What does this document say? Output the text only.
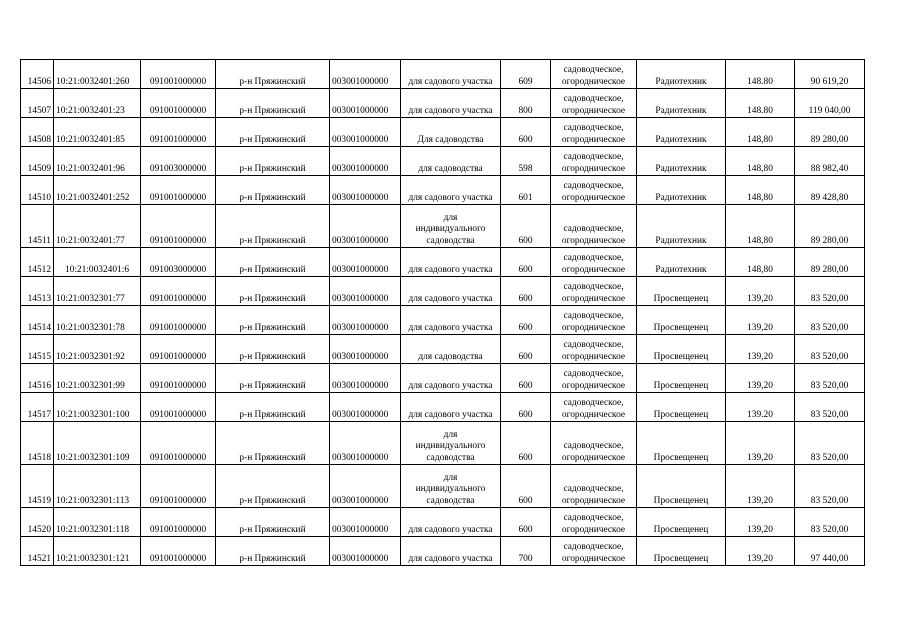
14506	10:21:0032401:260	091001000000	р-н Пряжинский	003001000000	для садового участка	609	садоводческое,
огородническое	Радиотехник	148.80	90 619,20
14507	10:21:0032401:23	091001000000	р-н Пряжинский	003001000000	для садового участка	800	садоводческое,
огородническое	Радиотехник	148.80	119 040,00
14508	10:21:0032401:85	091001000000	р-н Пряжинский	003001000000	Для садоводства	600	садоводческое,
огородническое	Радиотехник	148,80	89 280,00
14509	10:21:0032401:96	091003000000	р-н Пряжинский	003001000000	для садоводства	598	садоводческое,
огородническое	Радиотехник	148,80	88 982,40
14510	10:21:0032401:252	091001000000	р-н Пряжинский	003001000000	для садового участка	601	садоводческое,
огородническое	Радиотехник	148,80	89 428,80
14511	10:21:0032401:77	091001000000	р-н Пряжинский	003001000000	для
индивидуального
садоводства	600	садоводческое,
огородническое	Радиотехник	148,80	89 280,00
14512	10:21:0032401:6	091003000000	р-н Пряжинский	003001000000	для садового участка	600	садоводческое,
огородническое	Радиотехник	148,80	89 280,00
14513	10:21:0032301:77	091001000000	р-н Пряжинский	003001000000	для садового участка	600	садоводческое,
огородническое	Просвещенец	139,20	83 520,00
14514	10:21:0032301:78	091001000000	р-н Пряжинский	003001000000	для садового участка	600	садоводческое,
огородническое	Просвещенец	139,20	83 520,00
14515	10:21:0032301:92	091001000000	р-н Пряжинский	003001000000	для садоводства	600	садоводческое,
огородническое	Просвещенец	139,20	83 520,00
14516	10:21:0032301:99	091001000000	р-н Пряжинский	003001000000	для садового участка	600	садоводческое,
огородническое	Просвещенец	139,20	83 520,00
14517	10:21:0032301:100	091001000000	р-н Пряжинский	003001000000	для садового участка	600	садоводческое,
огородническое	Просвещенец	139.20	83 520,00
14518	10:21:0032301:109	091001000000	р-н Пряжинский	003001000000	для
индивидуального
садоводства	600	садоводческое,
огородническое	Просвещенец	139,20	83 520,00
14519	10:21:0032301:113	091001000000	р-н Пряжинский	003001000000	для
индивидуального
садоводства	600	садоводческое,
огородническое	Просвещенец	139,20	83 520,00
14520	10:21:0032301:118	091001000000	р-н Пряжинский	003001000000	для садового участка	600	садоводческое,
огородническое	Просвещенец	139,20	83 520,00
14521	10:21:0032301:121	091001000000	р-н Пряжинский	003001000000	для садового участка	700	садоводческое,
огородническое	Просвещенец	139,20	97 440,00
